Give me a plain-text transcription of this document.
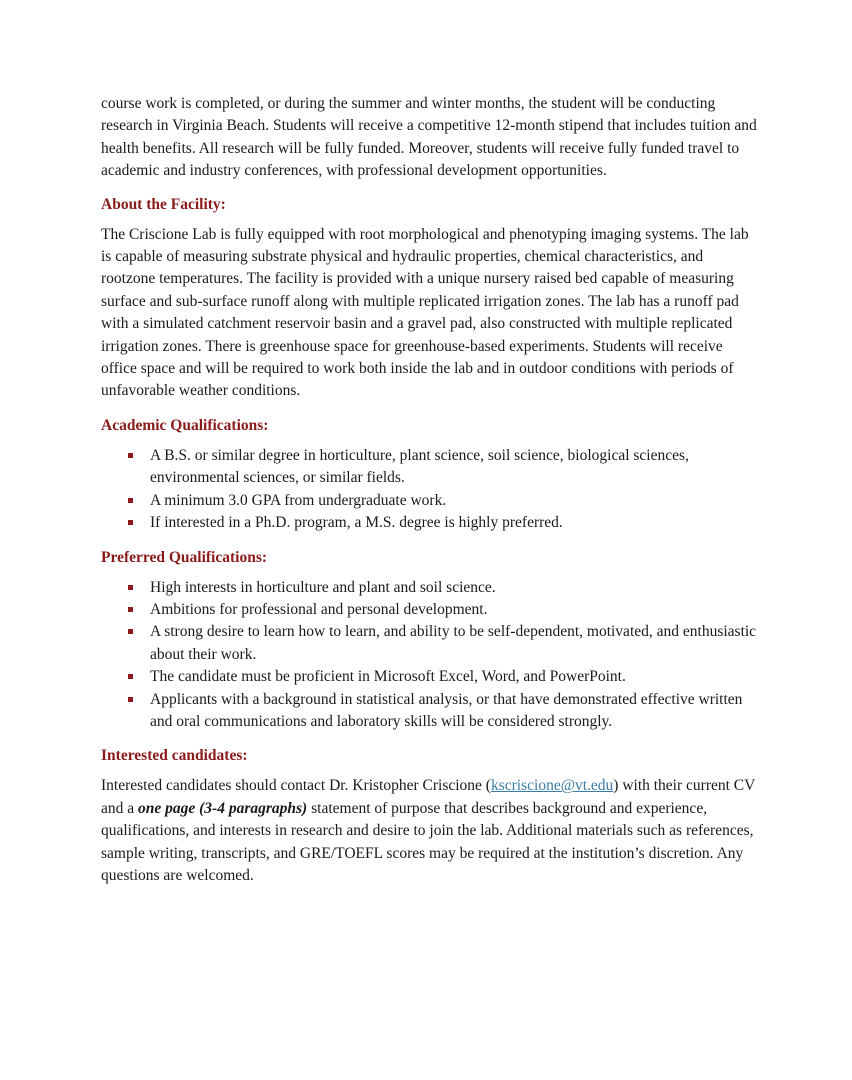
course work is completed, or during the summer and winter months, the student will be conducting research in Virginia Beach. Students will receive a competitive 12-month stipend that includes tuition and health benefits. All research will be fully funded. Moreover, students will receive fully funded travel to academic and industry conferences, with professional development opportunities.

About the Facility:

The Criscione Lab is fully equipped with root morphological and phenotyping imaging systems. The lab is capable of measuring substrate physical and hydraulic properties, chemical characteristics, and rootzone temperatures. The facility is provided with a unique nursery raised bed capable of measuring surface and sub-surface runoff along with multiple replicated irrigation zones. The lab has a runoff pad with a simulated catchment reservoir basin and a gravel pad, also constructed with multiple replicated irrigation zones. There is greenhouse space for greenhouse-based experiments. Students will receive office space and will be required to work both inside the lab and in outdoor conditions with periods of unfavorable weather conditions.

Academic Qualifications:
A B.S. or similar degree in horticulture, plant science, soil science, biological sciences, environmental sciences, or similar fields.
A minimum 3.0 GPA from undergraduate work.
If interested in a Ph.D. program, a M.S. degree is highly preferred.
Preferred Qualifications:
High interests in horticulture and plant and soil science.
Ambitions for professional and personal development.
A strong desire to learn how to learn, and ability to be self-dependent, motivated, and enthusiastic about their work.
The candidate must be proficient in Microsoft Excel, Word, and PowerPoint.
Applicants with a background in statistical analysis, or that have demonstrated effective written and oral communications and laboratory skills will be considered strongly.
Interested candidates:

Interested candidates should contact Dr. Kristopher Criscione (kscriscione@vt.edu) with their current CV and a one page (3-4 paragraphs) statement of purpose that describes background and experience, qualifications, and interests in research and desire to join the lab. Additional materials such as references, sample writing, transcripts, and GRE/TOEFL scores may be required at the institution’s discretion. Any questions are welcomed.
